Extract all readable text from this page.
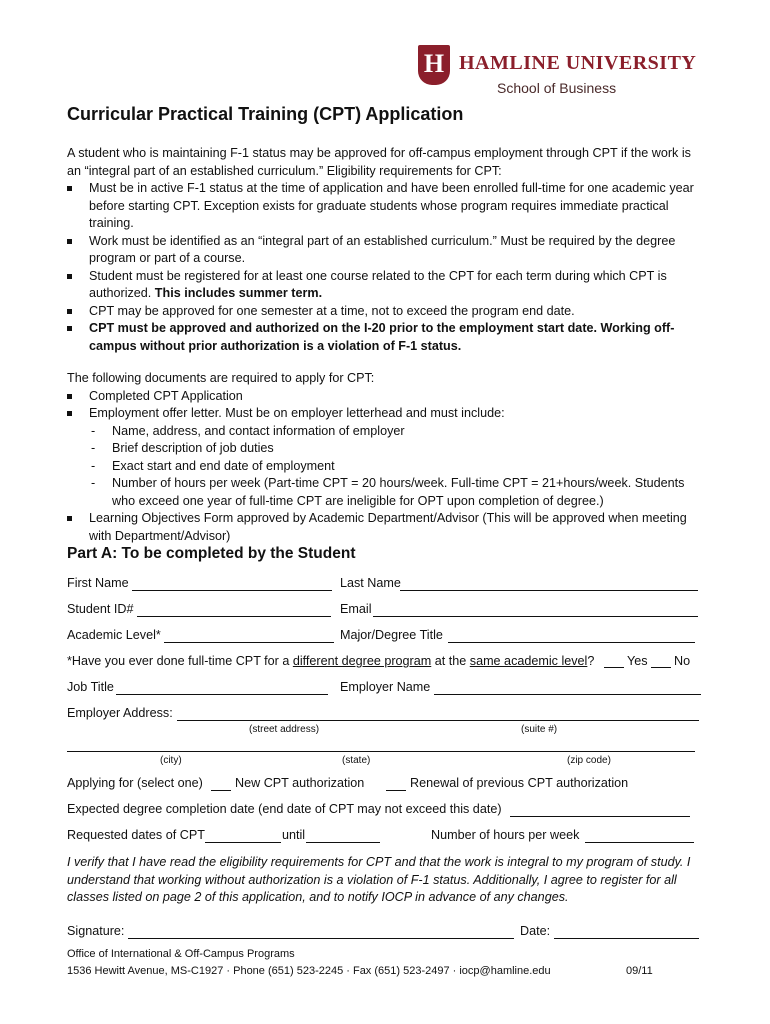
H HAMLINE UNIVERSITY
School of Business
Curricular Practical Training (CPT) Application
A student who is maintaining F-1 status may be approved for off-campus employment through CPT if the work is an “integral part of an established curriculum.” Eligibility requirements for CPT:
Must be in active F-1 status at the time of application and have been enrolled full-time for one academic year before starting CPT. Exception exists for graduate students whose program requires immediate practical training.
Work must be identified as an “integral part of an established curriculum.” Must be required by the degree program or part of a course.
Student must be registered for at least one course related to the CPT for each term during which CPT is authorized. This includes summer term.
CPT may be approved for one semester at a time, not to exceed the program end date.
CPT must be approved and authorized on the I-20 prior to the employment start date. Working off-campus without prior authorization is a violation of F-1 status.
The following documents are required to apply for CPT:
Completed CPT Application
Employment offer letter. Must be on employer letterhead and must include:
- Name, address, and contact information of employer
- Brief description of job duties
- Exact start and end date of employment
- Number of hours per week (Part-time CPT = 20 hours/week. Full-time CPT = 21+hours/week. Students who exceed one year of full-time CPT are ineligible for OPT upon completion of degree.)
Learning Objectives Form approved by Academic Department/Advisor (This will be approved when meeting with Department/Advisor)
Part A: To be completed by the Student
First Name	Last Name
Student ID#	Email
Academic Level*	Major/Degree Title
*Have you ever done full-time CPT for a different degree program at the same academic level?	Yes No
Job Title	Employer Name
Employer Address:
(street address)	(suite #)
(city)	(state)	(zip code)
Applying for (select one)	New CPT authorization	Renewal of previous CPT authorization
Expected degree completion date (end date of CPT may not exceed this date)
Requested dates of CPT	until	Number of hours per week
I verify that I have read the eligibility requirements for CPT and that the work is integral to my program of study. I understand that working without authorization is a violation of F-1 status. Additionally, I agree to register for all classes listed on page 2 of this application, and to notify IOCP in advance of any changes.
Signature:	Date:
Office of International & Off-Campus Programs
1536 Hewitt Avenue, MS-C1927 · Phone (651) 523-2245 · Fax (651) 523-2497 · iocp@hamline.edu	09/11
